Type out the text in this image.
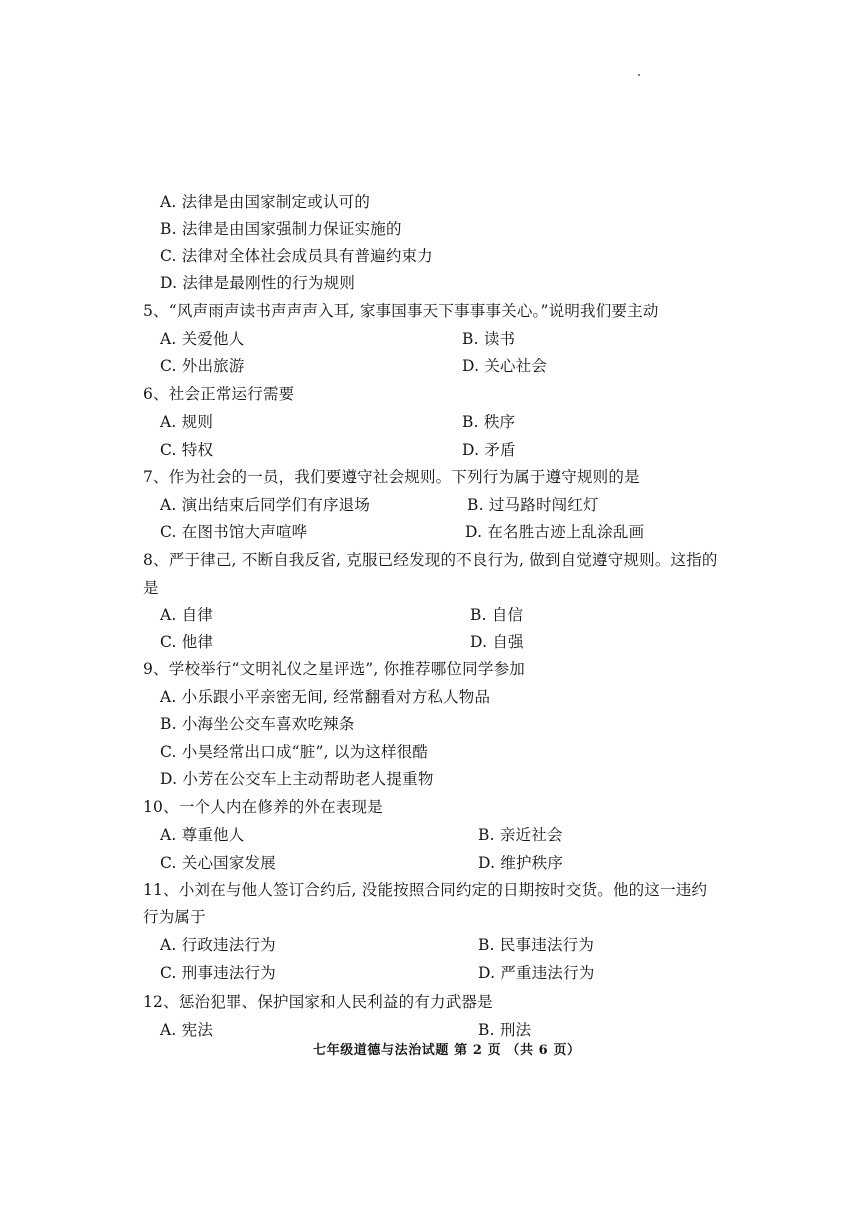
A. 法律是由国家制定或认可的
B. 法律是由国家强制力保证实施的
C. 法律对全体社会成员具有普遍约束力
D. 法律是最刚性的行为规则
5、“风声雨声读书声声声入耳, 家事国事天下事事事关心。”说明我们要主动
A. 关爱他人	B. 读书
C. 外出旅游	D. 关心社会
6、社会正常运行需要
A. 规则	B. 秩序
C. 特权	D. 矛盾
7、作为社会的一员，我们要遵守社会规则。下列行为属于遵守规则的是
A. 演出结束后同学们有序退场	B. 过马路时闯红灯
C. 在图书馆大声喧哗	D. 在名胜古迹上乱涂乱画
8、严于律己, 不断自我反省, 克服已经发现的不良行为, 做到自觉遵守规则。这指的
是
A. 自律	B. 自信
C. 他律	D. 自强
9、学校举行“文明礼仪之星评选”, 你推荐哪位同学参加
A. 小乐跟小平亲密无间, 经常翻看对方私人物品
B. 小海坐公交车喜欢吃辣条
C. 小昊经常出口成“脏”, 以为这样很酷
D. 小芳在公交车上主动帮助老人提重物
10、一个人内在修养的外在表现是
A. 尊重他人	B. 亲近社会
C. 关心国家发展	D. 维护秩序
11、小刘在与他人签订合约后, 没能按照合同约定的日期按时交货。他的这一违约
行为属于
A. 行政违法行为	B. 民事违法行为
C. 刑事违法行为	D. 严重违法行为
12、惩治犯罪、保护国家和人民利益的有力武器是
A. 宪法	B. 刑法
七年级道德与法治试题 第 2 页 （共 6 页）
